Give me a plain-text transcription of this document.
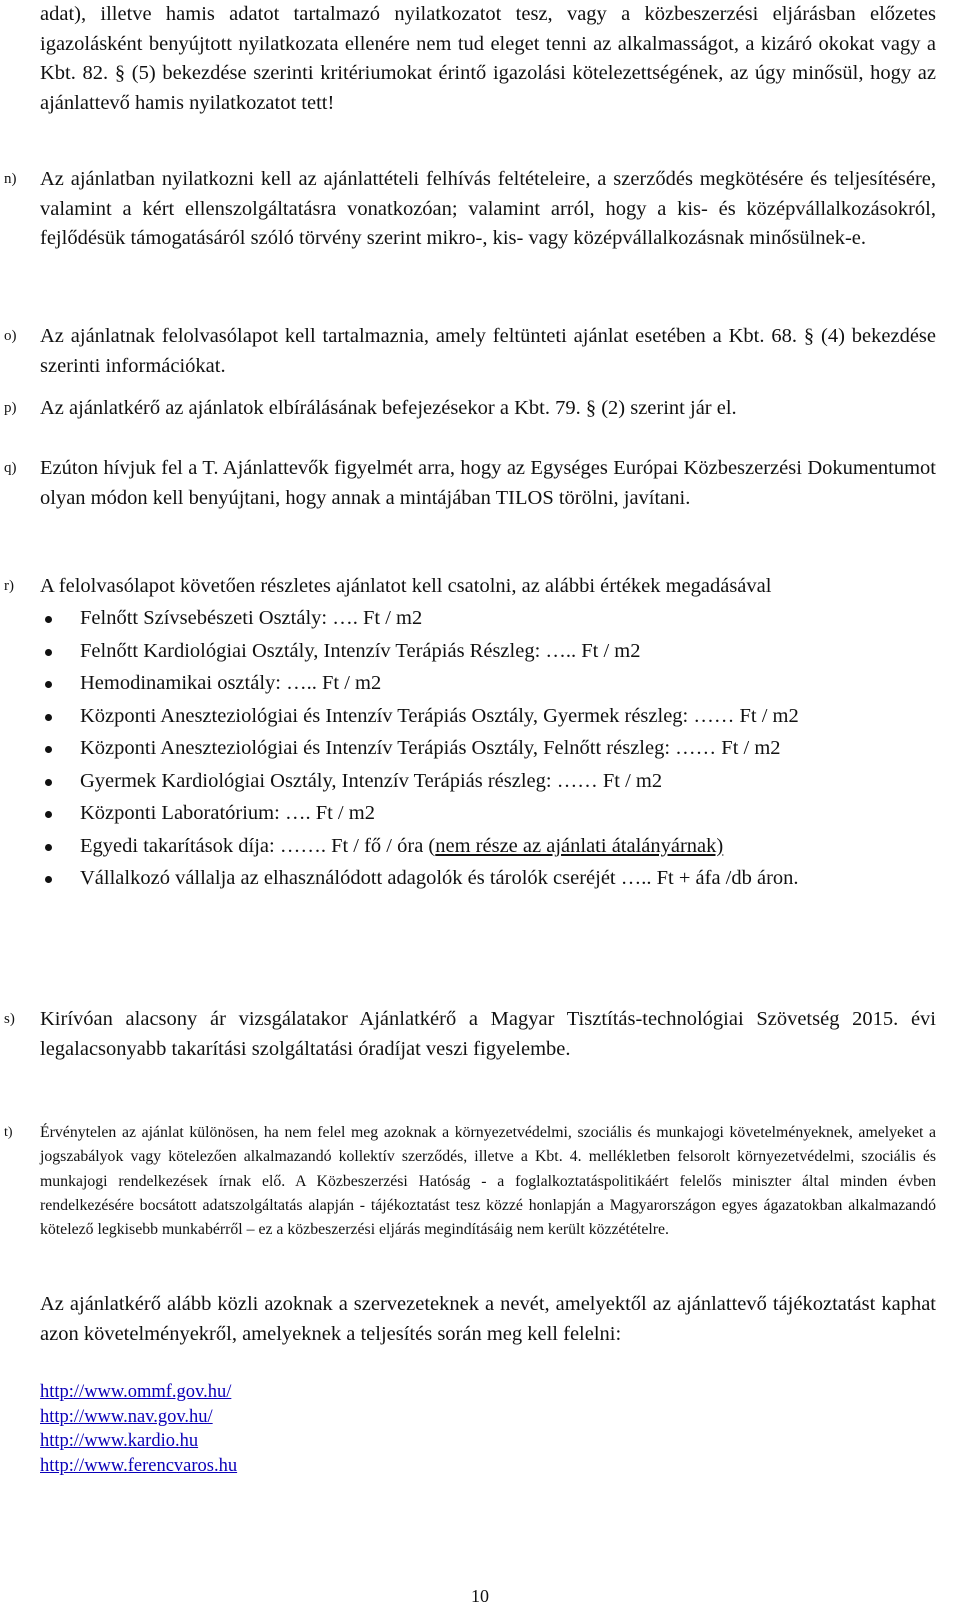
adat), illetve hamis adatot tartalmazó nyilatkozatot tesz, vagy a közbeszerzési eljárásban előzetes igazolásként benyújtott nyilatkozata ellenére nem tud eleget tenni az alkalmasságot, a kizáró okokat vagy a Kbt. 82. § (5) bekezdése szerinti kritériumokat érintő igazolási kötelezettségének, az úgy minősül, hogy az ajánlattevő hamis nyilatkozatot tett!
n) Az ajánlatban nyilatkozni kell az ajánlattételi felhívás feltételeire, a szerződés megkötésére és teljesítésére, valamint a kért ellenszolgáltatásra vonatkozóan; valamint arról, hogy a kis- és középvállalkozásokról, fejlődésük támogatásáról szóló törvény szerint mikro-, kis- vagy középvállalkozásnak minősülnek-e.
o) Az ajánlatnak felolvasólapot kell tartalmaznia, amely feltünteti ajánlat esetében a Kbt. 68. § (4) bekezdése szerinti információkat.
p) Az ajánlatkérő az ajánlatok elbírálásának befejezésekor a Kbt. 79. § (2) szerint jár el.
q) Ezúton hívjuk fel a T. Ajánlattevők figyelmét arra, hogy az Egységes Európai Közbeszerzési Dokumentumot olyan módon kell benyújtani, hogy annak a mintájában TILOS törölni, javítani.
r) A felolvasólapot követően részletes ajánlatot kell csatolni, az alábbi értékek megadásával
Felnőtt Szívsebészeti Osztály: …. Ft / m2
Felnőtt Kardiológiai Osztály, Intenzív Terápiás Részleg: ….. Ft / m2
Hemodinamikai osztály: ….. Ft / m2
Központi Aneszteziológiai és Intenzív Terápiás Osztály, Gyermek részleg: …… Ft / m2
Központi Aneszteziológiai és Intenzív Terápiás Osztály, Felnőtt részleg: …… Ft / m2
Gyermek Kardiológiai Osztály, Intenzív Terápiás részleg: …… Ft / m2
Központi Laboratórium: …. Ft / m2
Egyedi takarítások díja: ……. Ft / fő / óra (nem része az ajánlati átalányárnak)
Vállalkozó vállalja az elhasználódott adagolók és tárolók cseréjét ….. Ft + áfa /db áron.
s) Kirívóan alacsony ár vizsgálatakor Ajánlatkérő a Magyar Tisztítás-technológiai Szövetség 2015. évi legalacsonyabb takarítási szolgáltatási óradíjat veszi figyelembe.
t) Érvénytelen az ajánlat különösen, ha nem felel meg azoknak a környezetvédelmi, szociális és munkajogi követelményeknek, amelyeket a jogszabályok vagy kötelezően alkalmazandó kollektív szerződés, illetve a Kbt. 4. mellékletben felsorolt környezetvédelmi, szociális és munkajogi rendelkezések írnak elő. A Közbeszerzési Hatóság - a foglalkoztatáspolitikáért felelős miniszter által minden évben rendelkezésére bocsátott adatszolgáltatás alapján - tájékoztatást tesz közzé honlapján a Magyarországon egyes ágazatokban alkalmazandó kötelező legkisebb munkabérről – ez a közbeszerzési eljárás megindításáig nem került közzétételre.
Az ajánlatkérő alább közli azoknak a szervezeteknek a nevét, amelyektől az ajánlattevő tájékoztatást kaphat azon követelményekről, amelyeknek a teljesítés során meg kell felelni:
http://www.ommf.gov.hu/
http://www.nav.gov.hu/
http://www.kardio.hu
http://www.ferencvaros.hu
10
